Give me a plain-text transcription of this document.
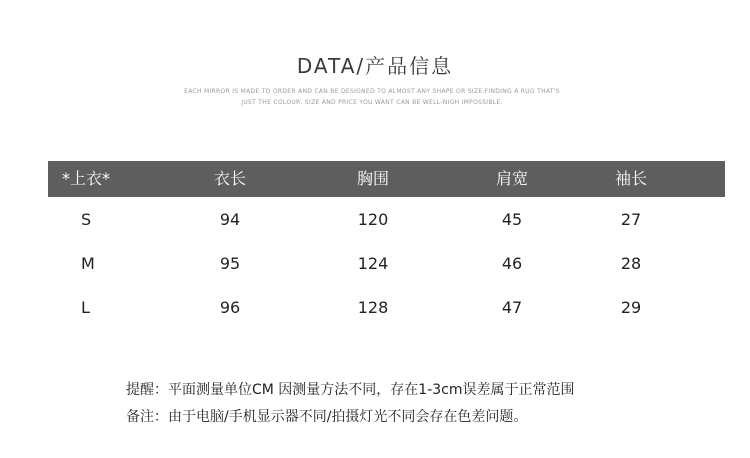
DATA/产品信息
EACH MIRROR IS MADE TO ORDER AND CAN BE DESIGNED TO ALMOST ANY SHAPE OR SIZE.FINDING A RUG THAT'S
JUST THE COLOUR, SIZE AND PRICE YOU WANT CAN BE WELL-NIGH IMPOSSIBLE.
*上衣*	衣长	胸围	肩宽	袖长
S	94	120	45	27
M	95	124	46	28
L	96	128	47	29
提醒：平面测量单位CM 因测量方法不同，存在1-3cm误差属于正常范围
备注：由于电脑/手机显示器不同/拍摄灯光不同会存在色差问题。
